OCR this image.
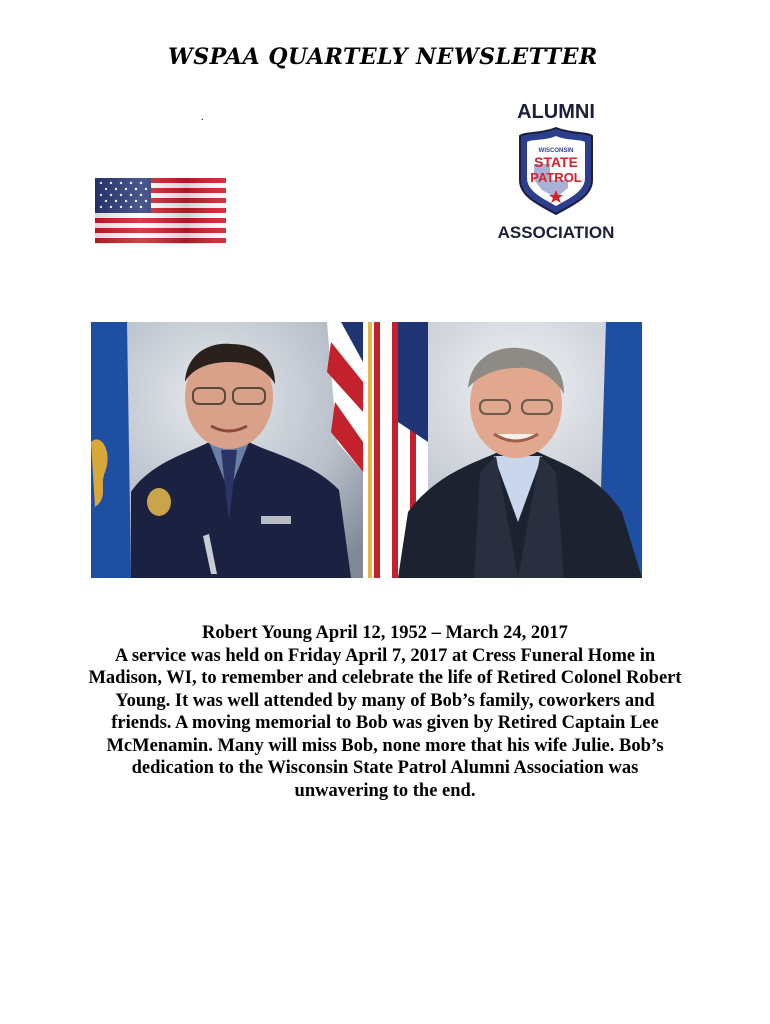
WSPAA QUARTELY NEWSLETTER
.	ALUMNI
WISCONSIN
STATE
PATROL
ASSOCIATION

Robert Young April 12, 1952 – March 24, 2017

A service was held on Friday April 7, 2017 at Cress Funeral Home in Madison, WI, to remember and celebrate the life of Retired Colonel Robert Young. It was well attended by many of Bob’s family, coworkers and friends. A moving memorial to Bob was given by Retired Captain Lee McMenamin. Many will miss Bob, none more that his wife Julie. Bob’s dedication to the Wisconsin State Patrol Alumni Association was unwavering to the end.
